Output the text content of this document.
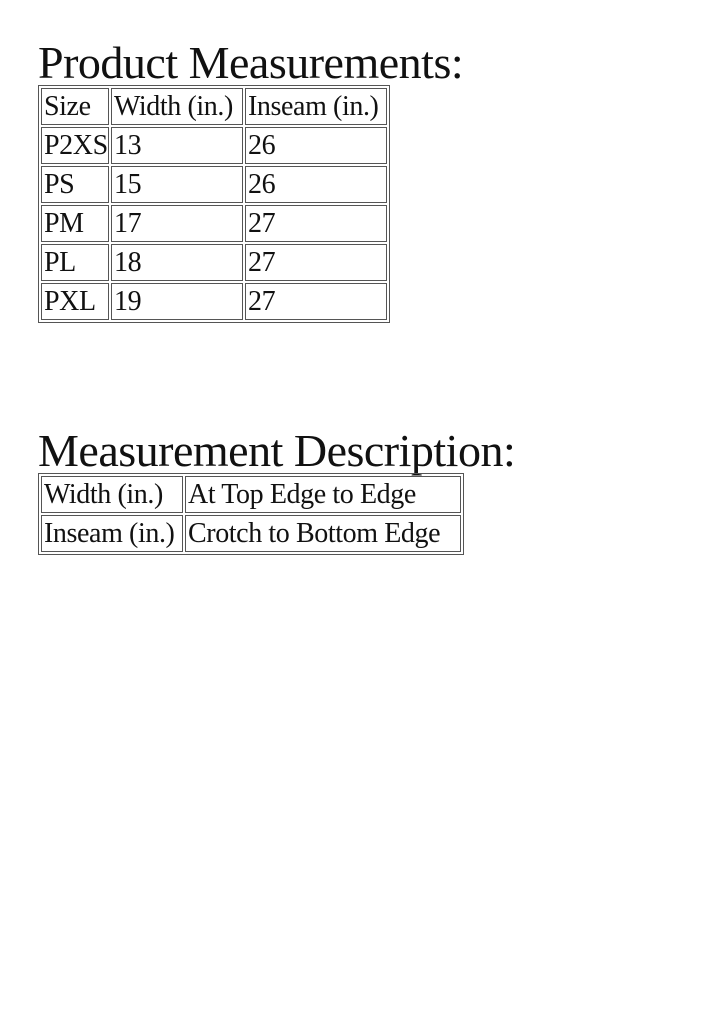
Product Measurements:
Size	Width (in.)	Inseam (in.)
P2XS	13	26
PS	15	26
PM	17	27
PL	18	27
PXL	19	27
Measurement Description:
Width (in.)	At Top Edge to Edge
Inseam (in.)	Crotch to Bottom Edge
